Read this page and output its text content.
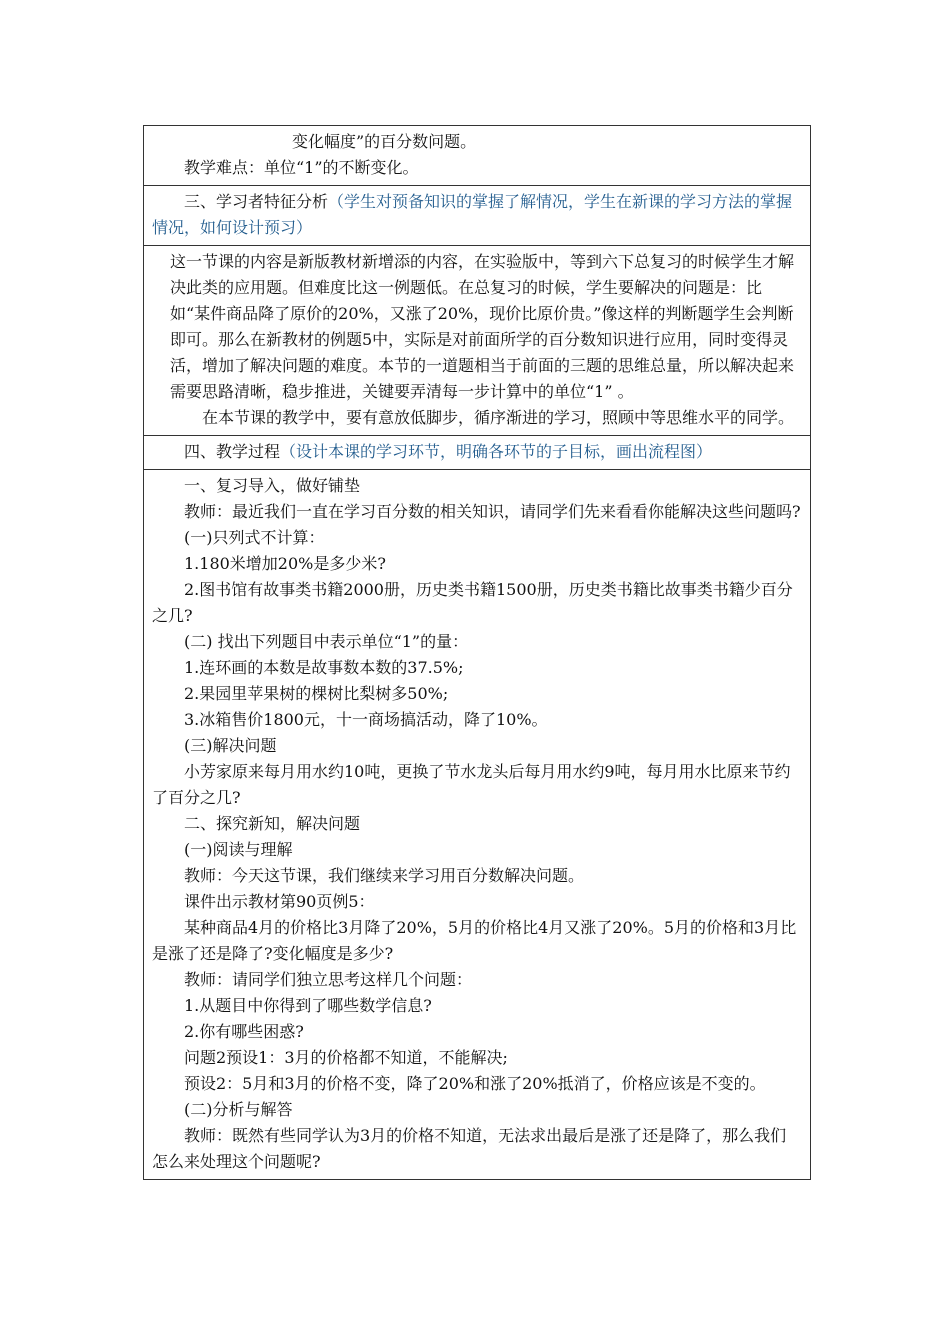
变化幅度”的百分数问题。

教学难点：单位“1”的不断变化。

三、学习者特征分析（学生对预备知识的掌握了解情况，学生在新课的学习方法的掌握情况，如何设计预习）

这一节课的内容是新版教材新增添的内容，在实验版中，等到六下总复习的时候学生才解决此类的应用题。但难度比这一例题低。在总复习的时候，学生要解决的问题是：比如“某件商品降了原价的20%，又涨了20%，现价比原价贵。”像这样的判断题学生会判断即可。那么在新教材的例题5中，实际是对前面所学的百分数知识进行应用，同时变得灵活，增加了解决问题的难度。本节的一道题相当于前面的三题的思维总量，所以解决起来需要思路清晰，稳步推进，关键要弄清每一步计算中的单位“1” 。

在本节课的教学中，要有意放低脚步，循序渐进的学习，照顾中等思维水平的同学。

四、教学过程（设计本课的学习环节，明确各环节的子目标，画出流程图）

一、复习导入，做好铺垫

教师：最近我们一直在学习百分数的相关知识，请同学们先来看看你能解决这些问题吗?

(一)只列式不计算：

1.180米增加20%是多少米?

2.图书馆有故事类书籍2000册，历史类书籍1500册，历史类书籍比故事类书籍少百分之几?

(二) 找出下列题目中表示单位“1”的量：

1.连环画的本数是故事数本数的37.5%;

2.果园里苹果树的棵树比梨树多50%;

3.冰箱售价1800元，十一商场搞活动，降了10%。

(三)解决问题

小芳家原来每月用水约10吨，更换了节水龙头后每月用水约9吨，每月用水比原来节约了百分之几?

二、探究新知，解决问题

(一)阅读与理解

教师：今天这节课，我们继续来学习用百分数解决问题。

课件出示教材第90页例5：

某种商品4月的价格比3月降了20%，5月的价格比4月又涨了20%。5月的价格和3月比是涨了还是降了?变化幅度是多少?

教师：请同学们独立思考这样几个问题：

1.从题目中你得到了哪些数学信息?

2.你有哪些困惑?

问题2预设1：3月的价格都不知道，不能解决;

预设2：5月和3月的价格不变，降了20%和涨了20%抵消了，价格应该是不变的。

(二)分析与解答

教师：既然有些同学认为3月的价格不知道，无法求出最后是涨了还是降了，那么我们怎么来处理这个问题呢?
